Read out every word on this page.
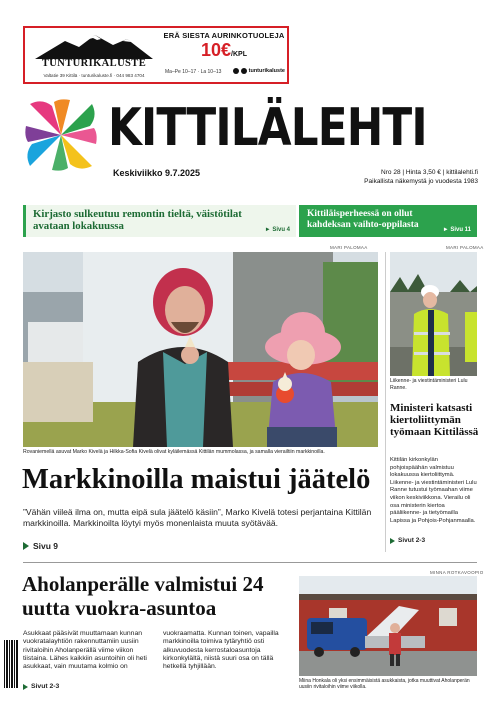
TUNTURIKALUSTE
Valtatie 39 Kittilä · tunturikaluste.fi · 044 983 4704
ERÄ SIESTA AURINKOTUOLEJA
10€/KPL
Ma–Pe 10–17 · La 10–13	tunturikaluste
KITTILÄLEHTI
Keskiviikko 9.7.2025	Nro 28 | Hinta 3,50 € | kittilalehti.fi
Paikallista näkemystä jo vuodesta 1983
Kirjasto sulkeutuu remontin tieltä, väistötilat avataan lokakuussa	► Sivu 4
Kittiläisperheessä on ollut kahdeksan vaihto-oppilasta
► Sivu 11
MARI PALOMAA	MARI PALOMAA
Rovaniemellä asuvat Marko Kivelä ja Hilkka-Sofia Kivelä olivat kyläilemässä Kittilän mummolassa, ja samalla vierailtiin markkinoilla.
Markkinoilla maistui jäätelö
”Vähän viileä ilma on, mutta eipä sula jäätelö käsiin”, Marko Kivelä totesi perjantaina Kittilän markkinoilla. Markkinoilta löytyi myös monenlaista muuta syötävää.
Sivu 9
Liikenne- ja viestintäministeri Lulu Ranne.
Ministeri katsasti kiertoliittymän työmaan Kittilässä
Kittilän kirkonkylän pohjoispäähän valmistuu lokakuussa kiertoliittymä. Liikenne- ja viestintäministeri Lulu Ranne tutustui työmaahan viime viikon keskiviikkona. Vierailu oli osa ministerin kiertoa pääliikenne- ja tietyömailla Lapissa ja Pohjois-Pohjanmaalla.
Sivut 2-3
MINNA ROTKAVOOPIO
Aholanperälle valmistui 24 uutta vuokra-asuntoa
Asukkaat pääsivät muuttamaan kunnan vuokratalayhtiön rakennuttamiin uusiin rivitaloihin Aholanperällä viime viikon tiistaina. Lähes kaikkiin asuntoihin oli heti asukkaat, vain muutama kolmio on vuokraamatta. Kunnan toinen, vapailla markkinoilla toimiva tytäryhtiö osti alkuvuodesta kerrostaloasuntoja kirkonkylältä, niistä suuri osa on tällä hetkellä tyhjillään.
Sivut 2-3
Miina Honkala oli yksi ensimmäisistä asukkaista, jotka muuttivat Aholanperän uusiin rivitaloihin viime viikolla.
